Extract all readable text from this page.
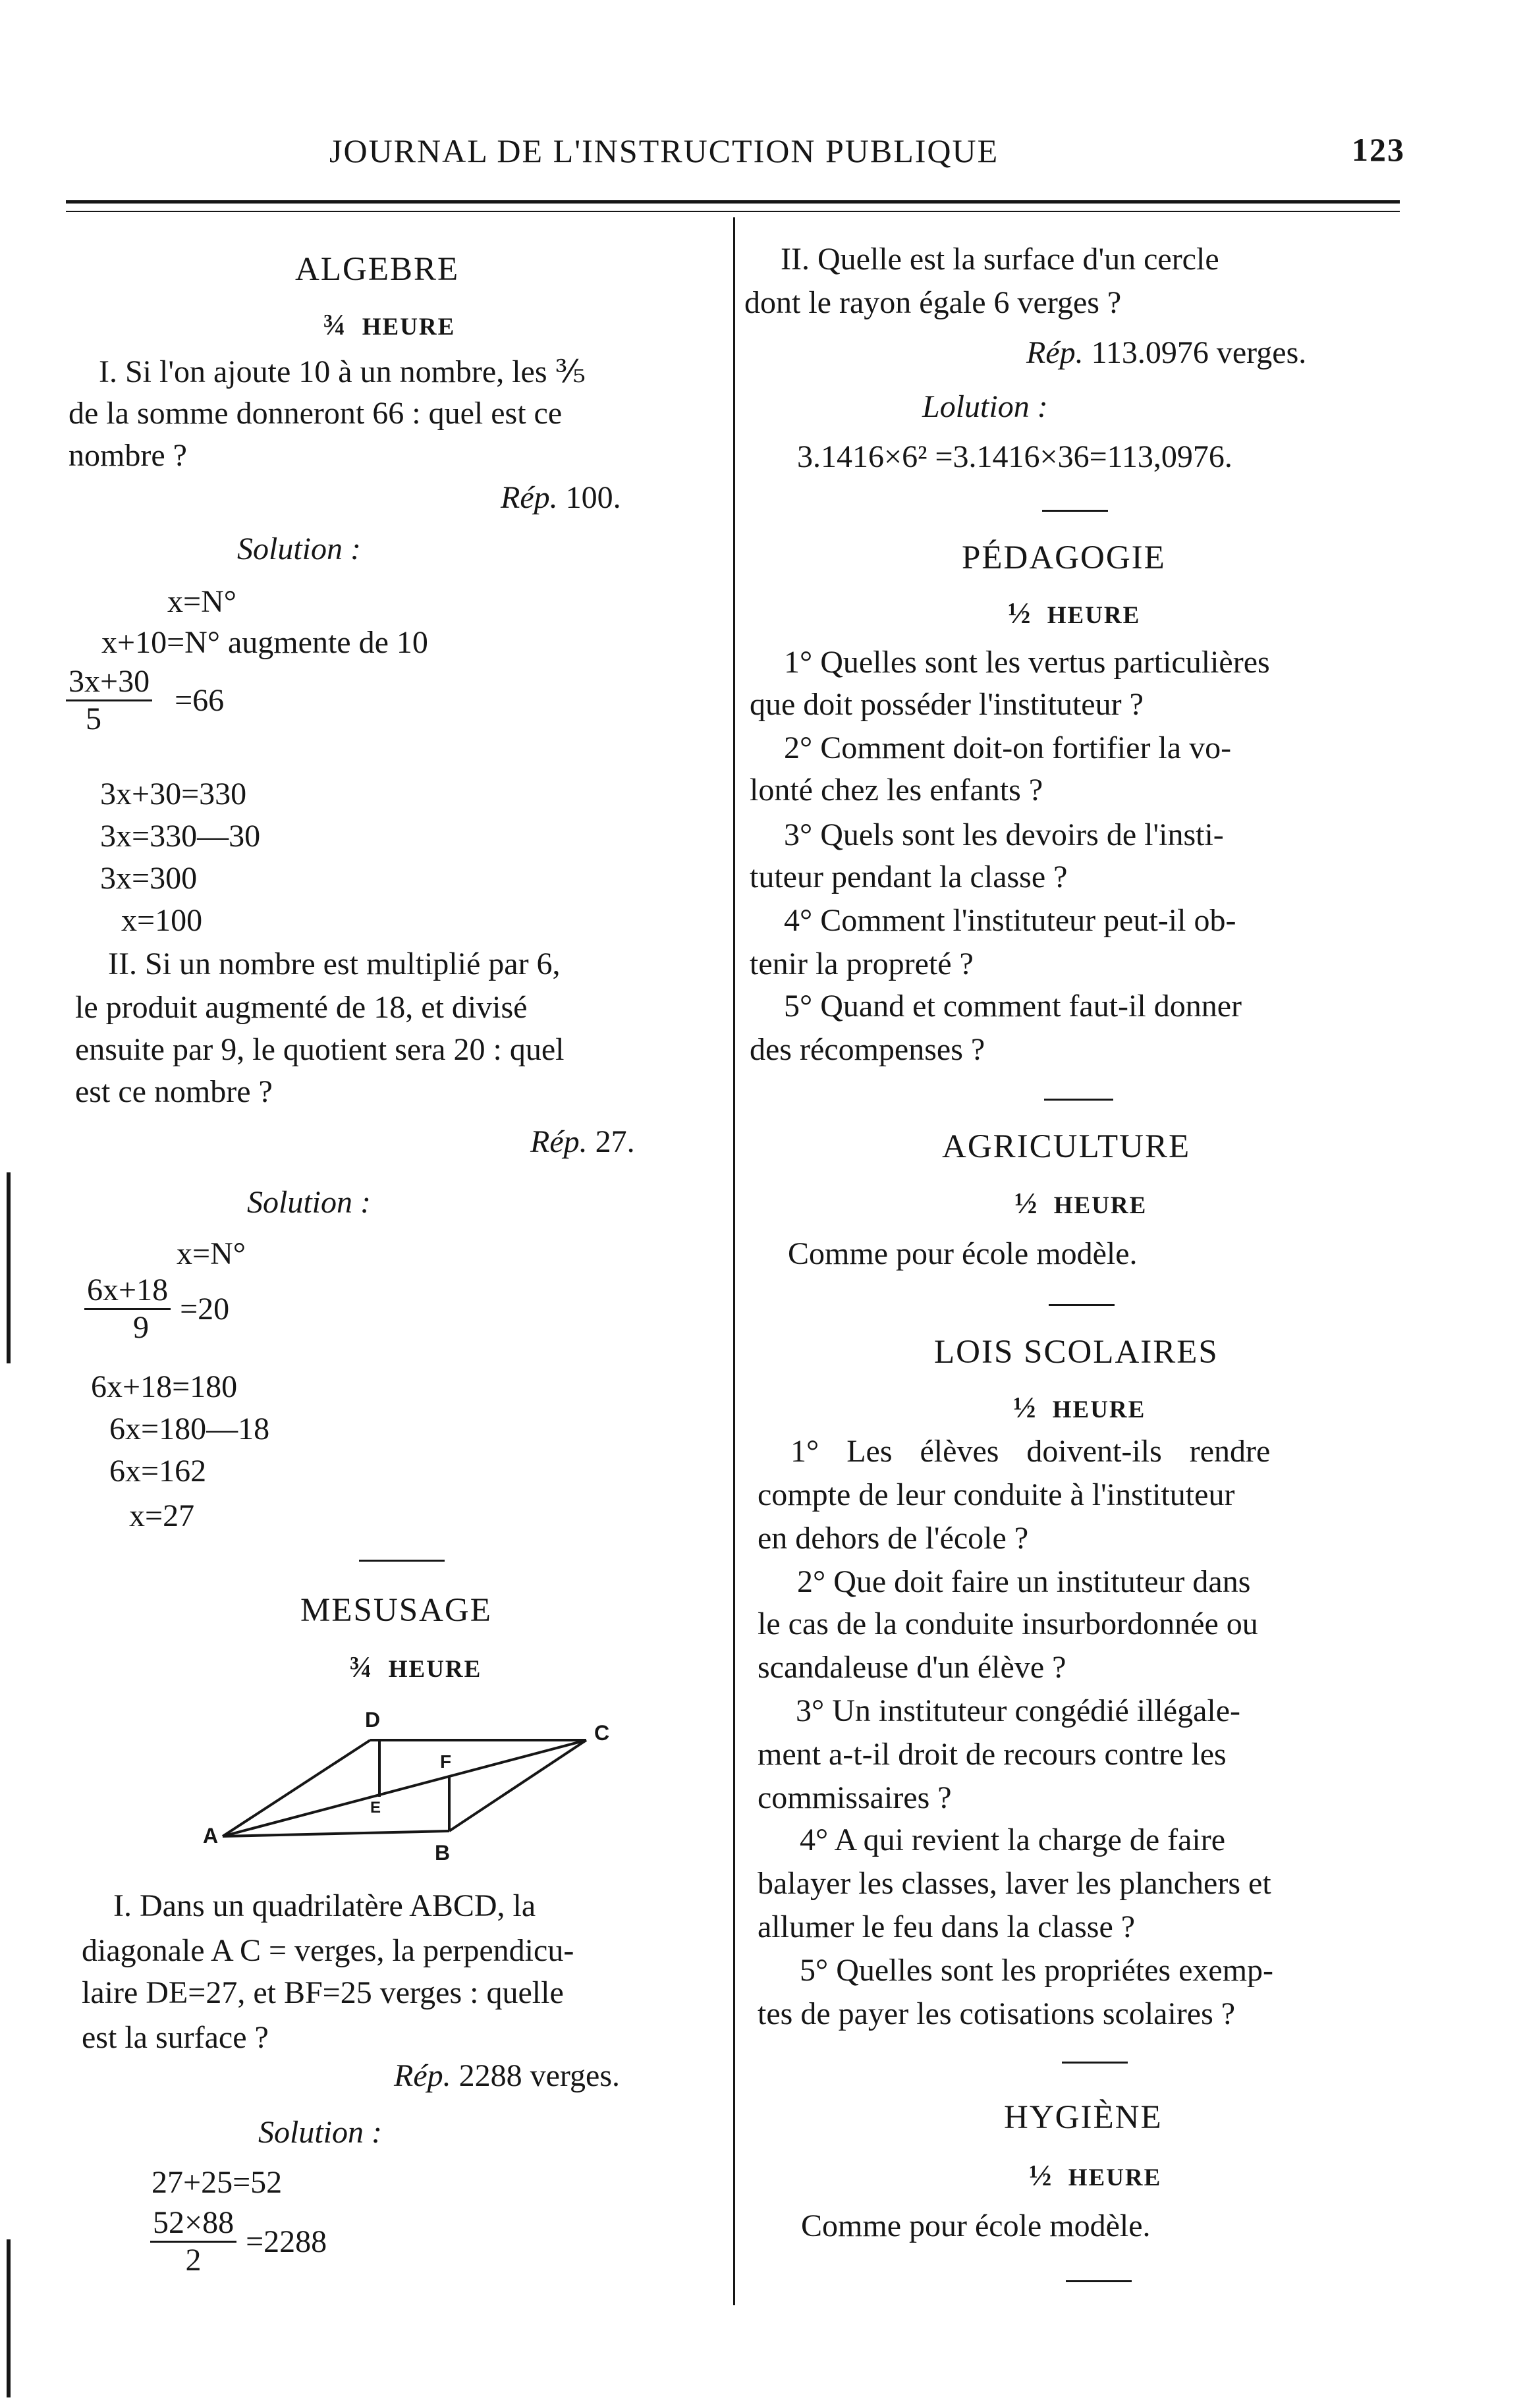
JOURNAL DE L'INSTRUCTION PUBLIQUE	123
ALGEBRE
¾ HEURE
I. Si l'on ajoute 10 à un nombre, les ⅗
de la somme donneront 66 : quel est ce
nombre ?
Rép. 100.
Solution :
x=N°
x+10=N° augmente de 10
$\frac{3x+30}{5} =66$
3x+30=330
3x=330—30
3x=300
x=100
II. Si un nombre est multiplié par 6,
le produit augmenté de 18, et divisé
ensuite par 9, le quotient sera 20 : quel
est ce nombre ?
Rép. 27.
Solution :
x=N°
$\frac{6x+18}{9} =20$
6x+18=180
6x=180—18
6x=162
x=27
MESUSAGE
¾ HEURE
A
B
C
D
E
F
I. Dans un quadrilatère ABCD, la
diagonale A C = verges, la perpendicu-
laire DE=27, et BF=25 verges : quelle
est la surface ?
Rép. 2288 verges.
Solution :
27+25=52
$\frac{52\times 88}{2} =2288$
II. Quelle est la surface d'un cercle
dont le rayon égale 6 verges ?
Rép. 113.0976 verges.
Lolution :
3.1416×6² =3.1416×36=113,0976.
PÉDAGOGIE
½ HEURE
1° Quelles sont les vertus particulières
que doit posséder l'instituteur ?
2° Comment doit-on fortifier la vo-
lonté chez les enfants ?
3° Quels sont les devoirs de l'insti-
tuteur pendant la classe ?
4° Comment l'instituteur peut-il ob-
tenir la propreté ?
5° Quand et comment faut-il donner
des récompenses ?
AGRICULTURE
½ HEURE
Comme pour école modèle.
LOIS SCOLAIRES
½ HEURE
1° Les élèves doivent-ils rendre
compte de leur conduite à l'instituteur
en dehors de l'école ?
2° Que doit faire un instituteur dans
le cas de la conduite insurbordonnée ou
scandaleuse d'un élève ?
3° Un instituteur congédié illégale-
ment a-t-il droit de recours contre les
commissaires ?
4° A qui revient la charge de faire
balayer les classes, laver les planchers et
allumer le feu dans la classe ?
5° Quelles sont les propriétes exemp-
tes de payer les cotisations scolaires ?
HYGIÈNE
½ HEURE
Comme pour école modèle.
